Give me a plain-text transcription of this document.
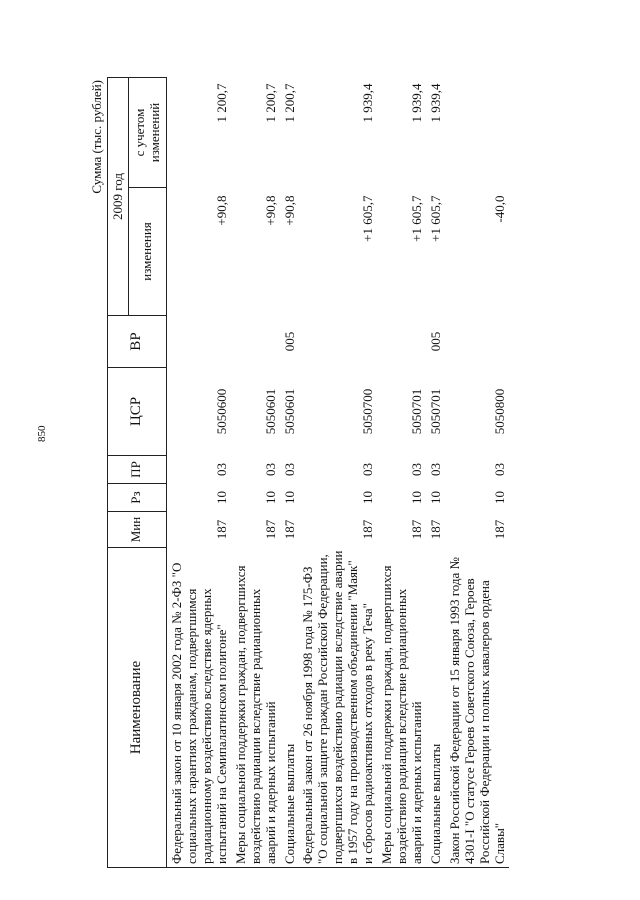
850
Сумма (тыс. рублей)
Наименование	Мин	Рз	ПР	ЦСР	ВР	2009 год	
						изменения	с учетом изменений
Федеральный закон от 10 января 2002 года № 2-ФЗ "О социальных гарантиях гражданам, подвергшимся радиационному воздействию вследствие ядерных испытаний на Семипалатинском полигоне"	187	10	03	5050600		+90,8	1 200,7
Меры социальной поддержки граждан, подвергшихся воздействию радиации вследствие радиационных аварий и ядерных испытаний	187	10	03	5050601		+90,8	1 200,7
Социальные выплаты	187	10	03	5050601	005	+90,8	1 200,7
Федеральный закон от 26 ноября 1998 года № 175-ФЗ "О социальной защите граждан Российской Федерации, подвергшихся воздействию радиации вследствие аварии в 1957 году на производственном объединении "Маяк" и сбросов радиоактивных отходов в реку Теча"	187	10	03	5050700		+1 605,7	1 939,4
Меры социальной поддержки граждан, подвергшихся воздействию радиации вследствие радиационных аварий и ядерных испытаний	187	10	03	5050701		+1 605,7	1 939,4
Социальные выплаты	187	10	03	5050701	005	+1 605,7	1 939,4
Закон Российской Федерации от 15 января 1993 года № 4301-I "О статусе Героев Советского Союза, Героев Российской Федерации и полных кавалеров ордена Славы"	187	10	03	5050800		-40,0	
